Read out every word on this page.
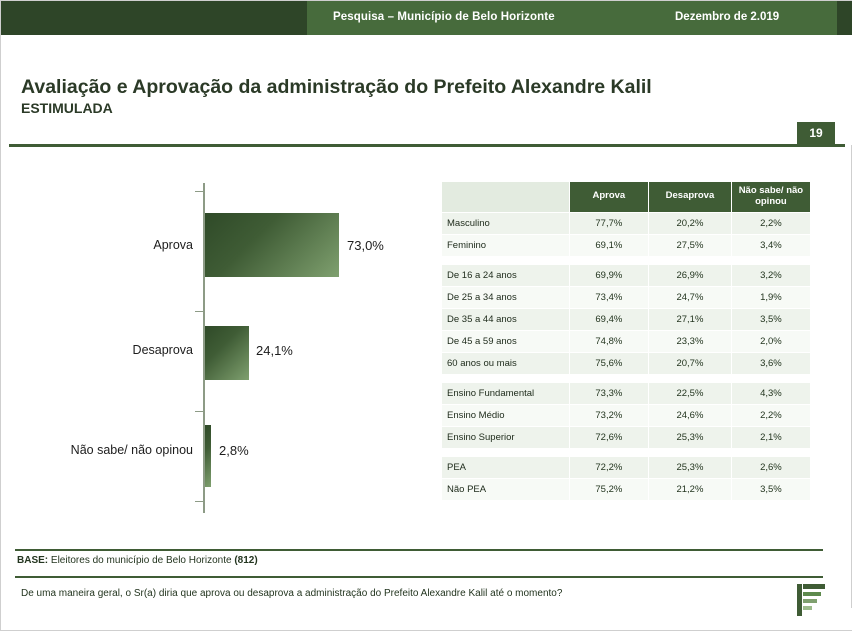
Pesquisa – Município de Belo Horizonte	Dezembro de 2.019
Avaliação e Aprovação da administração do Prefeito Alexandre Kalil
ESTIMULADA
19
Aprova	73,0%
Desaprova	24,1%
Não sabe/ não opinou 2,8%
	Aprova	Desaprova	Não sabe/ não opinou
Masculino	77,7%	20,2%	2,2%
Feminino	69,1%	27,5%	3,4%

De 16 a 24 anos	69,9%	26,9%	3,2%
De 25 a 34 anos	73,4%	24,7%	1,9%
De 35 a 44 anos	69,4%	27,1%	3,5%
De 45 a 59 anos	74,8%	23,3%	2,0%
60 anos ou mais	75,6%	20,7%	3,6%

Ensino Fundamental	73,3%	22,5%	4,3%
Ensino Médio	73,2%	24,6%	2,2%
Ensino Superior	72,6%	25,3%	2,1%

PEA	72,2%	25,3%	2,6%
Não PEA	75,2%	21,2%	3,5%
BASE: Eleitores do município de Belo Horizonte (812)
De uma maneira geral, o Sr(a) diria que aprova ou desaprova a administração do Prefeito Alexandre Kalil até o momento?
